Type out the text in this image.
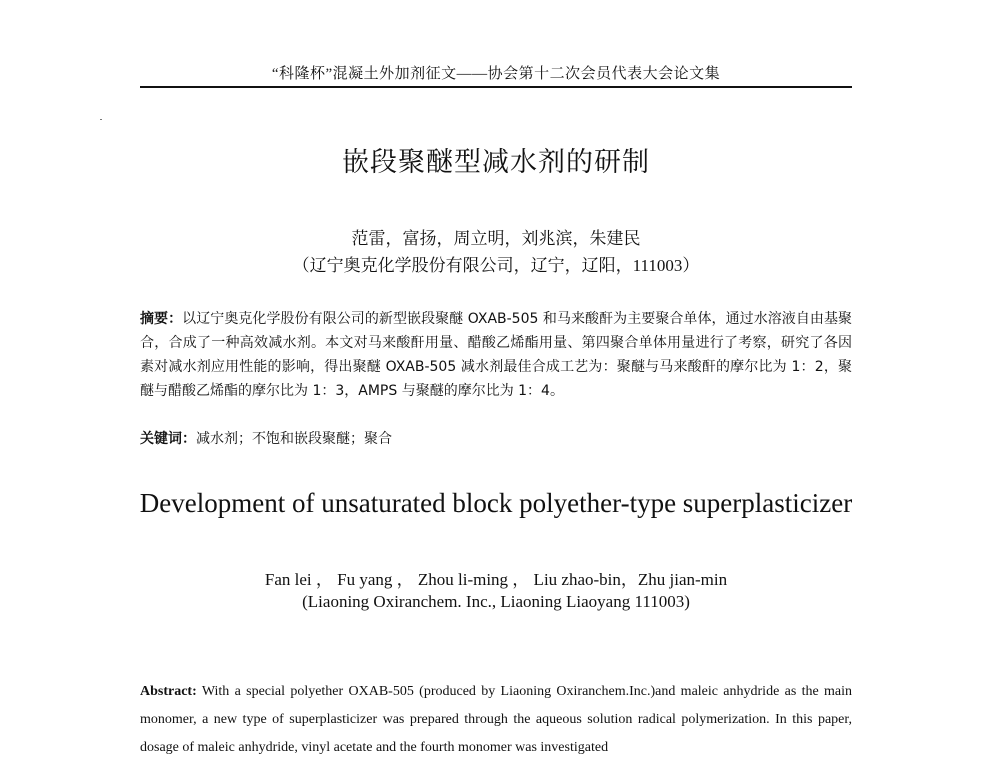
“科隆杯”混凝土外加剂征文——协会第十二次会员代表大会论文集
嵌段聚醚型减水剂的研制
范雷，富扬，周立明，刘兆滨，朱建民
（辽宁奥克化学股份有限公司，辽宁，辽阳，111003）
摘要：以辽宁奥克化学股份有限公司的新型嵌段聚醚 OXAB-505 和马来酸酐为主要聚合单体，通过水溶液自由基聚合，合成了一种高效减水剂。本文对马来酸酐用量、醋酸乙烯酯用量、第四聚合单体用量进行了考察，研究了各因素对减水剂应用性能的影响，得出聚醚 OXAB-505 减水剂最佳合成工艺为：聚醚与马来酸酐的摩尔比为 1：2，聚醚与醋酸乙烯酯的摩尔比为 1：3，AMPS 与聚醚的摩尔比为 1：4。
关键词：减水剂；不饱和嵌段聚醚；聚合
Development of unsaturated block polyether-type superplasticizer
Fan lei ， Fu yang ， Zhou li-ming ， Liu zhao-bin，Zhu jian-min
(Liaoning Oxiranchem. Inc., Liaoning Liaoyang 111003)
Abstract: With a special polyether OXAB-505 (produced by Liaoning Oxiranchem.Inc.)and maleic anhydride as the main monomer, a new type of superplasticizer was prepared through the aqueous solution radical polymerization. In this paper, dosage of maleic anhydride, vinyl acetate and the fourth monomer was investigated
